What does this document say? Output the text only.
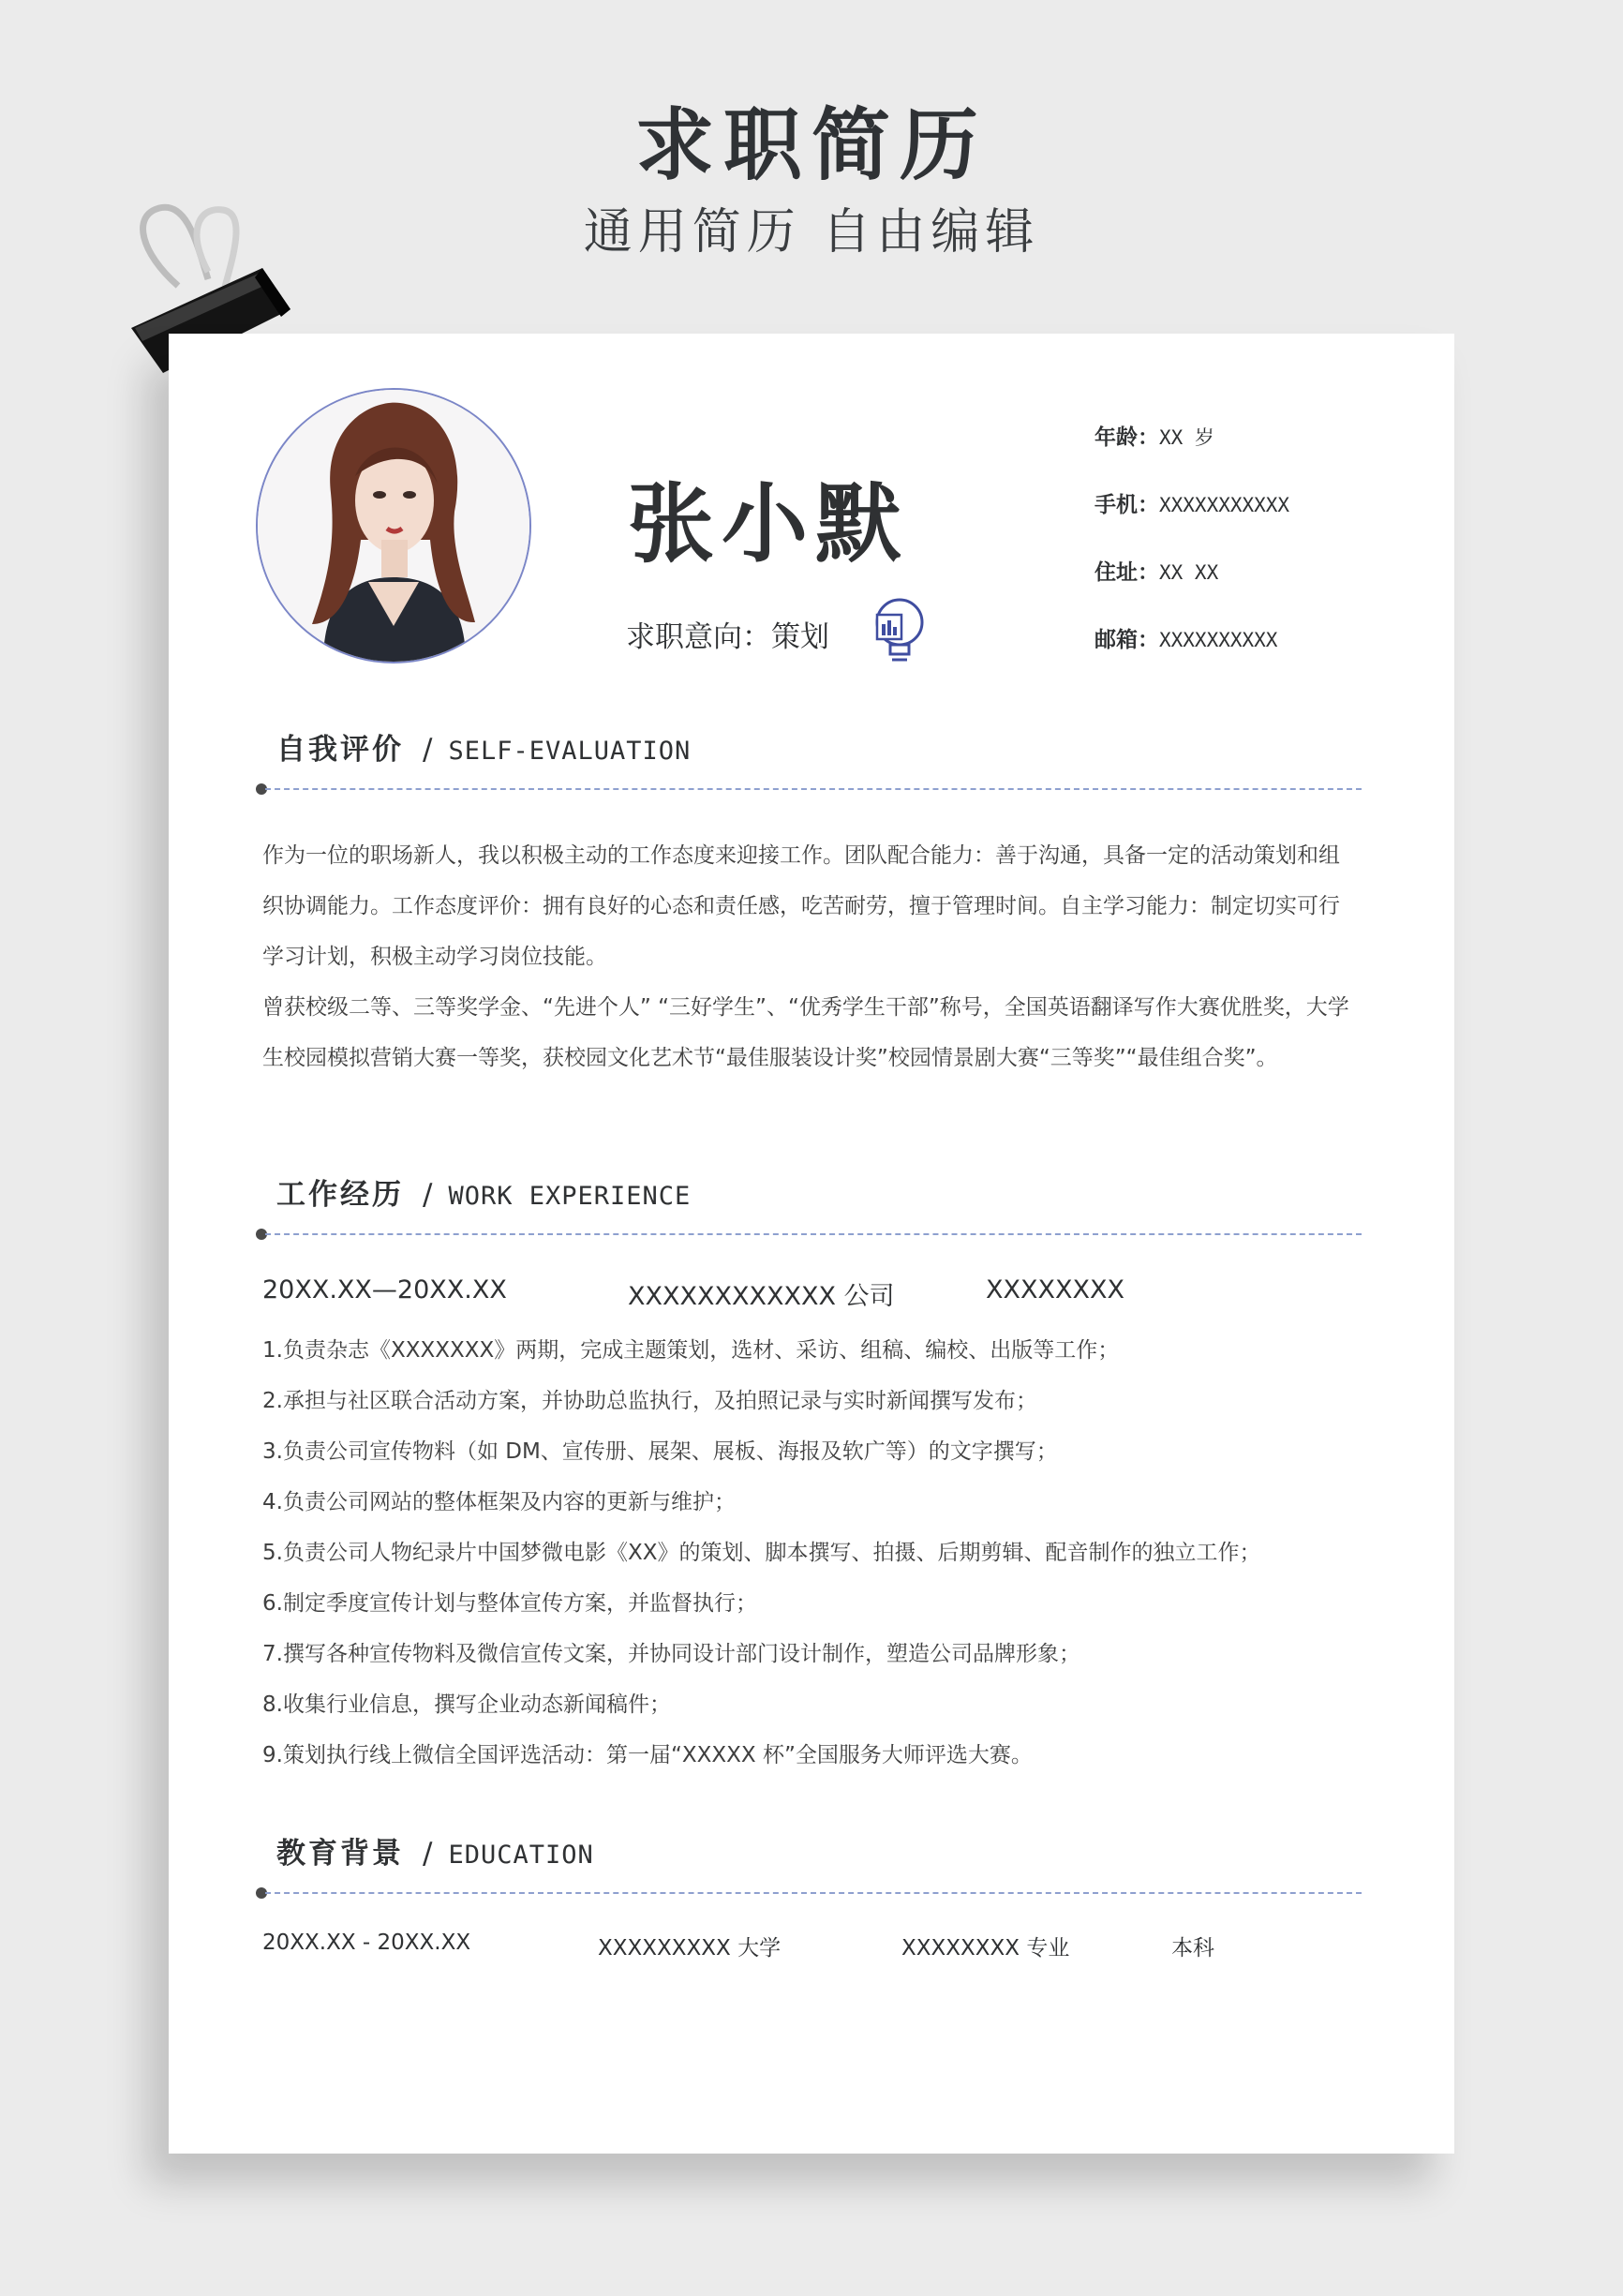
求职简历
通用简历 自由编辑
张小默
求职意向：策划
年龄：XX 岁
手机：XXXXXXXXXXX
住址：XX XX
邮箱：XXXXXXXXXX
自我评价 / SELF-EVALUATION

作为一位的职场新人，我以积极主动的工作态度来迎接工作。团队配合能力：善于沟通，具备一定的活动策划和组织协调能力。工作态度评价：拥有良好的心态和责任感，吃苦耐劳，擅于管理时间。自主学习能力：制定切实可行学习计划，积极主动学习岗位技能。

曾获校级二等、三等奖学金、“先进个人” “三好学生”、“优秀学生干部”称号，全国英语翻译写作大赛优胜奖，大学生校园模拟营销大赛一等奖，获校园文化艺术节“最佳服装设计奖”校园情景剧大赛“三等奖”“最佳组合奖”。

工作经历 / WORK EXPERIENCE
20XX.XX—20XX.XX	XXXXXXXXXXXX 公司	XXXXXXXX
1.负责杂志《XXXXXXX》两期，完成主题策划，选材、采访、组稿、编校、出版等工作；
2.承担与社区联合活动方案，并协助总监执行，及拍照记录与实时新闻撰写发布；
3.负责公司宣传物料（如 DM、宣传册、展架、展板、海报及软广等）的文字撰写；
4.负责公司网站的整体框架及内容的更新与维护；
5.负责公司人物纪录片中国梦微电影《XX》的策划、脚本撰写、拍摄、后期剪辑、配音制作的独立工作；
6.制定季度宣传计划与整体宣传方案，并监督执行；
7.撰写各种宣传物料及微信宣传文案，并协同设计部门设计制作，塑造公司品牌形象；
8.收集行业信息，撰写企业动态新闻稿件；
9.策划执行线上微信全国评选活动：第一届“XXXXX 杯”全国服务大师评选大赛。
教育背景 / EDUCATION
20XX.XX - 20XX.XX	XXXXXXXXX 大学	XXXXXXXX 专业	本科
